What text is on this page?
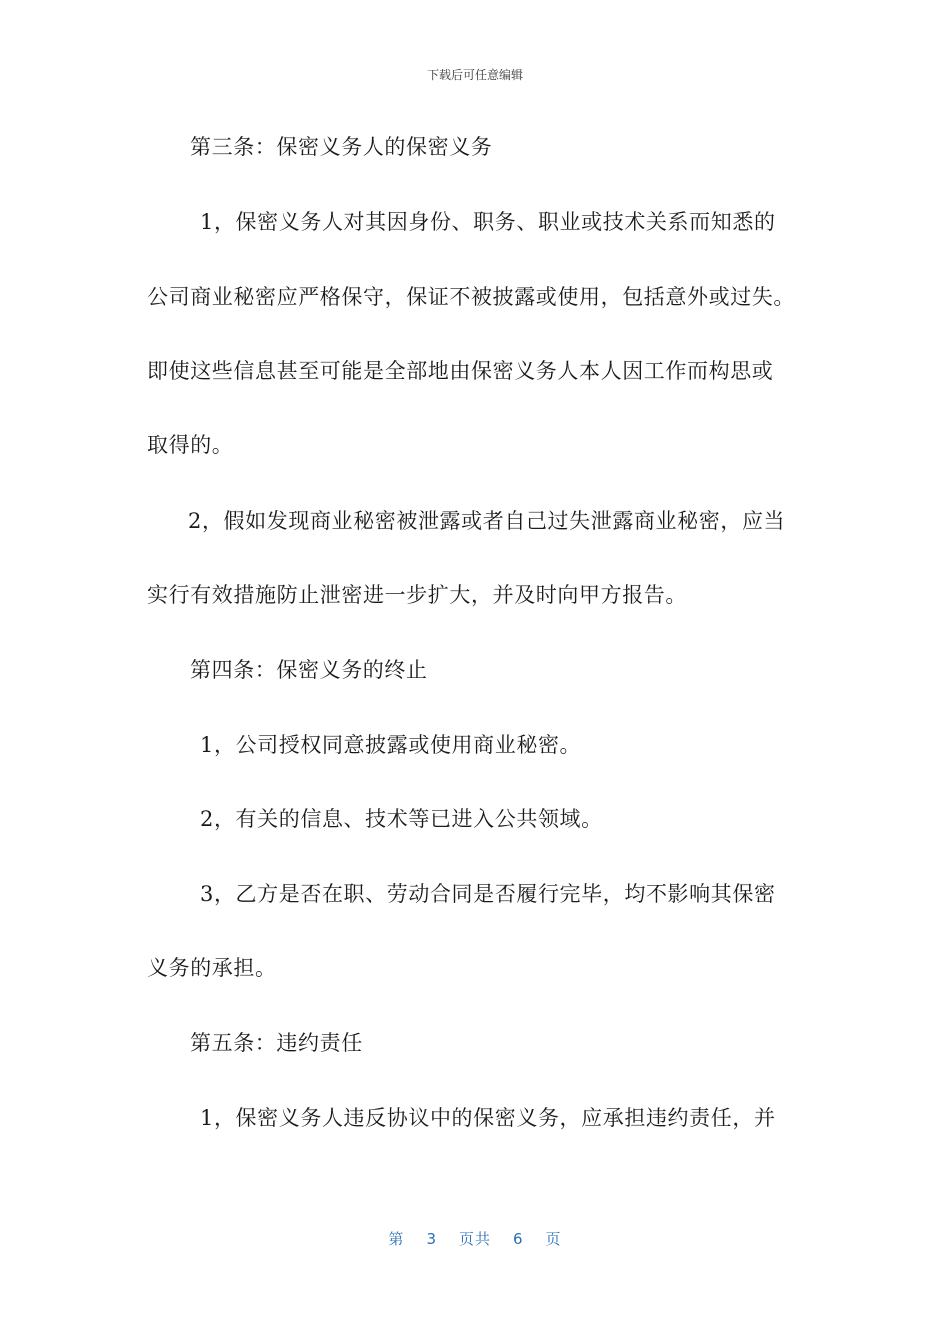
下载后可任意编辑
第三条：保密义务人的保密义务
1，保密义务人对其因身份、职务、职业或技术关系而知悉的
公司商业秘密应严格保守，保证不被披露或使用，包括意外或过失。
即使这些信息甚至可能是全部地由保密义务人本人因工作而构思或
取得的。
2，假如发现商业秘密被泄露或者自己过失泄露商业秘密，应当
实行有效措施防止泄密进一步扩大，并及时向甲方报告。
第四条：保密义务的终止
1，公司授权同意披露或使用商业秘密。
2，有关的信息、技术等已进入公共领域。
3，乙方是否在职、劳动合同是否履行完毕，均不影响其保密
义务的承担。
第五条：违约责任
1，保密义务人违反协议中的保密义务，应承担违约责任，并
第 3 页共 6 页
